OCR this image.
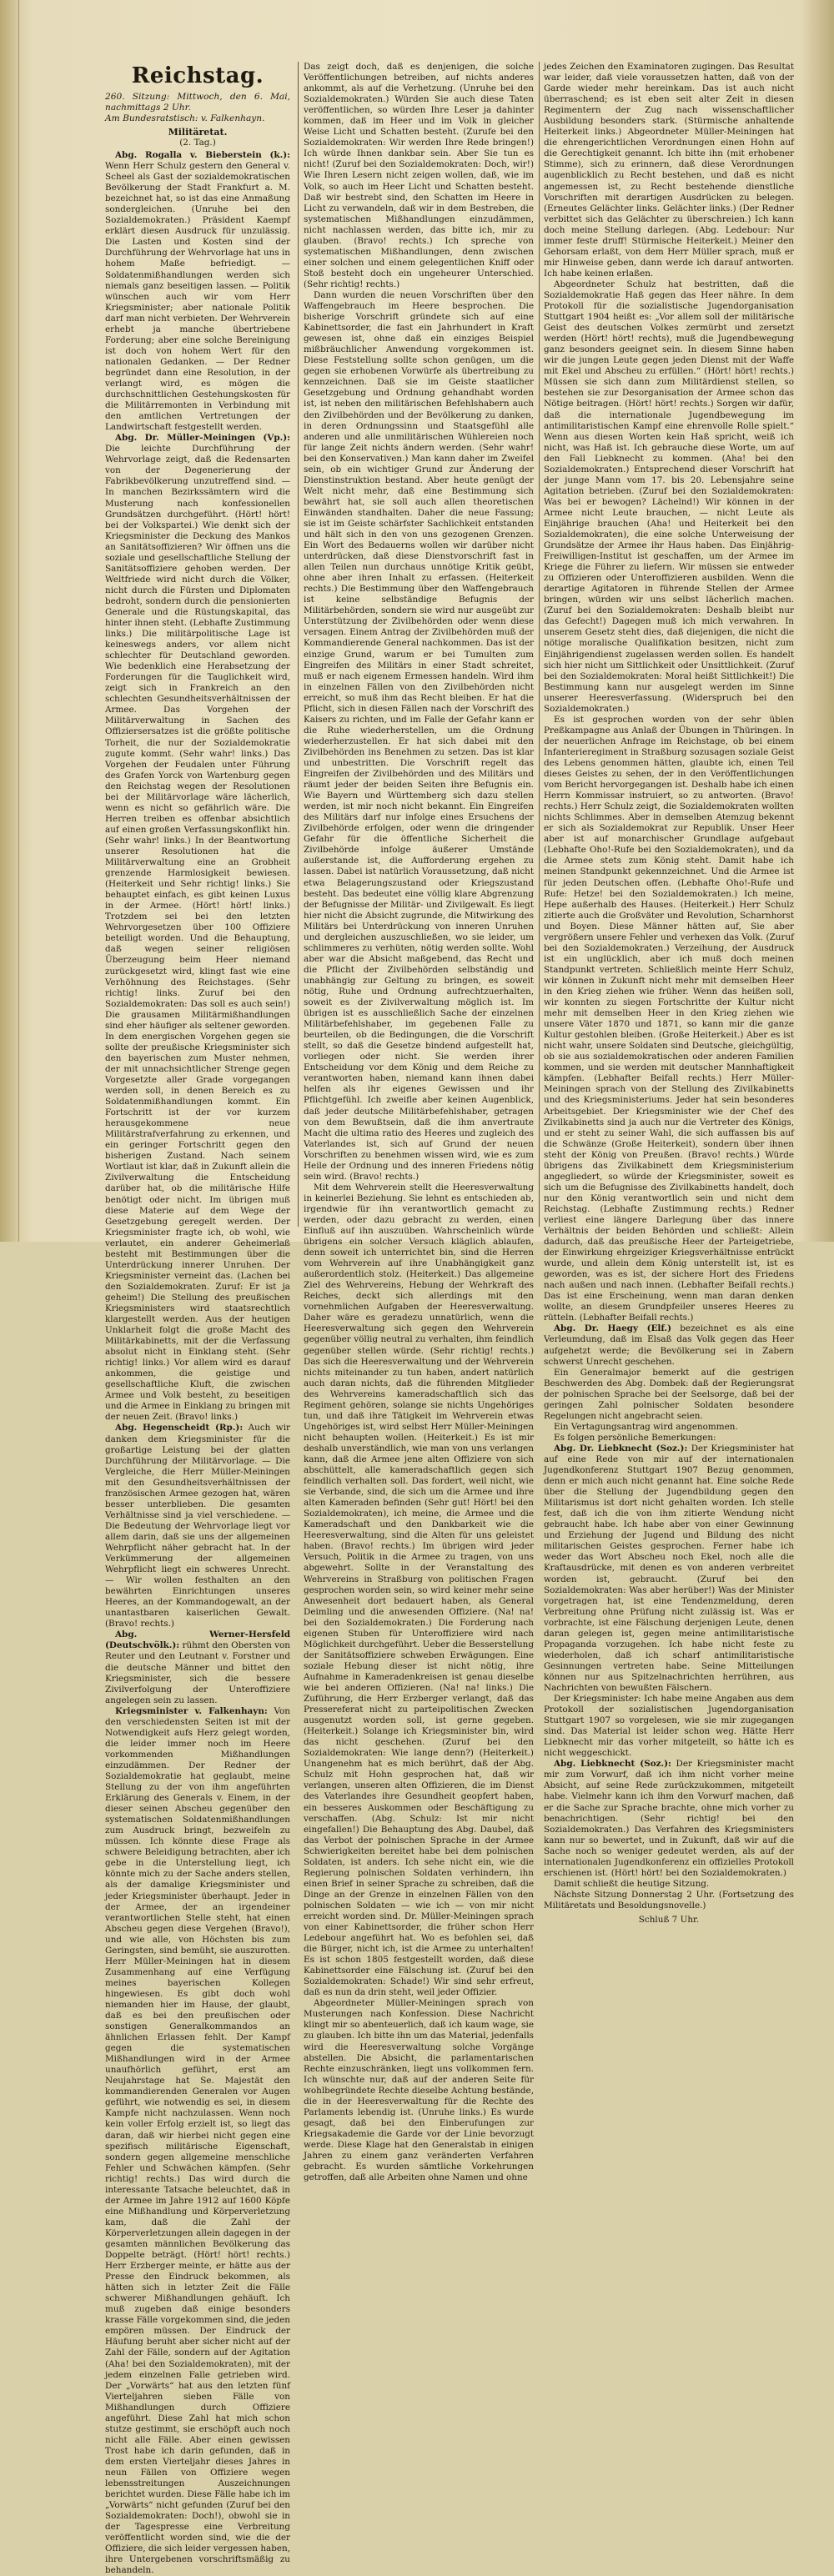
Reichstag.

260. Sitzung: Mittwoch, den 6. Mai, nachmittags 2 Uhr.

Am Bundesratstisch: v. Falkenhayn.

Militäretat.

(2. Tag.)

Abg. Rogalla v. Bieberstein (k.): Wenn Herr Schulz gestern den General v. Scheel als Gast der sozialdemokratischen Bevölkerung der Stadt Frankfurt a. M. bezeichnet hat, so ist das eine Anmaßung sondergleichen. (Unruhe bei den Sozialdemokraten.) Präsident Kaempf erklärt diesen Ausdruck für unzulässig. Die Lasten und Kosten sind der Durchführung der Wehrvorlage hat uns in hohem Maße befriedigt. — Soldatenmißhandlungen werden sich niemals ganz beseitigen lassen. — Politik wünschen auch wir vom Herr Kriegsminister; aber nationale Politik darf man nicht verbieten. Der Wehrverein erhebt ja manche übertriebene Forderung; aber eine solche Bereinigung ist doch von hohem Wert für den nationalen Gedanken. — Der Redner begründet dann eine Resolution, in der verlangt wird, es mögen die durchschnittlichen Gestehungskosten für die Militärremonten in Verbindung mit den amtlichen Vertretungen der Landwirtschaft festgestellt werden.

Abg. Dr. Müller-Meiningen (Vp.): Die leichte Durchführung der Wehrvorlage zeigt, daß die Redensarten von der Degenerierung der Fabrikbevölkerung unzutreffend sind. — In manchen Bezirkssämtern wird die Musterung nach konfessionellen Grundsätzen durchgeführt. (Hört! hört! bei der Volkspartei.) Wie denkt sich der Kriegsminister die Deckung des Mankos an Sanitätsoffizieren? Wir öffnen uns die soziale und gesellschaftliche Stellung der Sanitätsoffiziere gehoben werden. Der Weltfriede wird nicht durch die Völker, nicht durch die Fürsten und Diplomaten bedroht, sondern durch die pensionierten Generale und die Rüstungskapital, das hinter ihnen steht. (Lebhafte Zustimmung links.) Die militärpolitische Lage ist keineswegs anders, vor allem nicht schlechter für Deutschland geworden. Wie bedenklich eine Herabsetzung der Forderungen für die Tauglichkeit wird, zeigt sich in Frankreich an den schlechten Gesundheitsverhältnissen der Armee. Das Vorgehen der Militärverwaltung in Sachen des Offiziersersatzes ist die größte politische Torheit, die nur der Sozialdemokratie zugute kommt. (Sehr wahr! links.) Das Vorgehen der Feudalen unter Führung des Grafen Yorck von Wartenburg gegen den Reichstag wegen der Resolutionen bei der Militärvorlage wäre lächerlich, wenn es nicht so gefährlich wäre. Die Herren treiben es offenbar absichtlich auf einen großen Verfassungskonflikt hin. (Sehr wahr! links.) In der Beantwortung unserer Resolutionen hat die Militärverwaltung eine an Grobheit grenzende Harmlosigkeit bewiesen. (Heiterkeit und Sehr richtig! links.) Sie behauptet einfach, es gibt keinen Luxus in der Armee. (Hört! hört! links.) Trotzdem sei bei den letzten Wehrvorgesetzen über 100 Offiziere beteiligt worden. Und die Behauptung, daß wegen seiner religiösen Überzeugung beim Heer niemand zurückgesetzt wird, klingt fast wie eine Verhöhnung des Reichstages. (Sehr richtig! links. Zuruf bei den Sozialdemokraten: Das soll es auch sein!) Die grausamen Militärmißhandlungen sind eher häufiger als seltener geworden. In dem energischen Vorgehen gegen sie sollte der preußische Kriegsminister sich den bayerischen zum Muster nehmen, der mit unnachsichtlicher Strenge gegen Vorgesetzte aller Grade vorgegangen werden soll, in denen Bereich es zu Soldatenmißhandlungen kommt. Ein Fortschritt ist der vor kurzem herausgekommene neue Militärstrafverfahrung zu erkennen, und ein geringer Fortschritt gegen den bisherigen Zustand. Nach seinem Wortlaut ist klar, daß in Zukunft allein die Zivilverwaltung die Entscheidung darüber hat, ob die militärische Hilfe benötigt oder nicht. Im übrigen muß diese Materie auf dem Wege der Gesetzgebung geregelt werden. Der Kriegsminister fragte ich, ob wohl, wie verlautet, ein anderer Geheimerlaß besteht mit Bestimmungen über die Unterdrückung innerer Unruhen. Der Kriegsminister verneint das. (Lachen bei den Sozialdemokraten. Zuruf: Er ist ja geheim!) Die Stellung des preußischen Kriegsministers wird staatsrechtlich klargestellt werden. Aus der heutigen Unklarheit folgt die große Macht des Militärkabinetts, mit der die Verfassung absolut nicht in Einklang steht. (Sehr richtig! links.) Vor allem wird es darauf ankommen, die geistige und gesellschaftliche Kluft, die zwischen Armee und Volk besteht, zu beseitigen und die Armee in Einklang zu bringen mit der neuen Zeit. (Bravo! links.)

Abg. Hegenscheidt (Rp.): Auch wir danken dem Kriegsminister für die großartige Leistung bei der glatten Durchführung der Militärvorlage. — Die Vergleiche, die Herr Müller-Meiningen mit den Gesundheitsverhältnissen der französischen Armee gezogen hat, wären besser unterblieben. Die gesamten Verhältnisse sind ja viel verschiedene. — Die Bedeutung der Wehrvorlage liegt vor allem darin, daß sie uns der allgemeinen Wehrpflicht näher gebracht hat. In der Verkümmerung der allgemeinen Wehrpflicht liegt ein schweres Unrecht. — Wir wollen festhalten an den bewährten Einrichtungen unseres Heeres, an der Kommandogewalt, an der unantastbaren kaiserlichen Gewalt. (Bravo! rechts.)

Abg. Werner-Hersfeld (Deutschvölk.): rühmt den Obersten von Reuter und den Leutnant v. Forstner und die deutsche Männer und bittet den Kriegsminister, sich die bessere Zivilverfolgung der Unteroffiziere angelegen sein zu lassen.

Kriegsminister v. Falkenhayn: Von den verschiedensten Seiten ist mit der Notwendigkeit aufs Herz gelegt worden, die leider immer noch im Heere vorkommenden Mißhandlungen einzudämmen. Der Redner der Sozialdemokratie hat geglaubt, meine Stellung zu der von ihm angeführten Erklärung des Generals v. Einem, in der dieser seinen Abscheu gegenüber den systematischen Soldatenmißhandlungen zum Ausdruck bringt, bezweifeln zu müssen. Ich könnte diese Frage als schwere Beleidigung betrachten, aber ich gebe in die Unterstellung liegt, ich könnte mich zu der Sache anders stellen, als der damalige Kriegsminister und jeder Kriegsminister überhaupt. Jeder in der Armee, der an irgendeiner verantwortlichen Stelle steht, hat einen Abscheu gegen diese Vergehen (Bravo!), und wie alle, von Höchsten bis zum Geringsten, sind bemüht, sie auszurotten. Herr Müller-Meiningen hat in diesem Zusammenhang auf eine Verfügung meines bayerischen Kollegen hingewiesen. Es gibt doch wohl niemanden hier im Hause, der glaubt, daß es bei den preußischen oder sonstigen Generalkommandos an ähnlichen Erlassen fehlt. Der Kampf gegen die systematischen Mißhandlungen wird in der Armee unaufhörlich geführt, erst am Neujahrstage hat Se. Majestät den kommandierenden Generalen vor Augen geführt, wie notwendig es sei, in diesem Kampfe nicht nachzulassen. Wenn noch kein voller Erfolg erzielt ist, so liegt das daran, daß wir hierbei nicht gegen eine spezifisch militärische Eigenschaft, sondern gegen allgemeine menschliche Fehler und Schwächen kämpfen. (Sehr richtig! rechts.) Das wird durch die interessante Tatsache beleuchtet, daß in der Armee im Jahre 1912 auf 1600 Köpfe eine Mißhandlung und Körperverletzung kam, daß die Zahl der Körperverletzungen allein dagegen in der gesamten männlichen Bevölkerung das Doppelte beträgt. (Hört! hört! rechts.) Herr Erzberger meinte, er hätte aus der Presse den Eindruck bekommen, als hätten sich in letzter Zeit die Fälle schwerer Mißhandlungen gehäuft. Ich muß zugeben daß einige besonders krasse Fälle vorgekommen sind, die jeden empören müssen. Der Eindruck der Häufung beruht aber sicher nicht auf der Zahl der Fälle, sondern auf der Agitation (Aha! bei den Sozialdemokraten), mit der jedem einzelnen Falle getrieben wird. Der „Vorwärts“ hat aus den letzten fünf Vierteljahren sieben Fälle von Mißhandlungen durch Offiziere angeführt. Diese Zahl hat mich schon stutze gestimmt, sie erschöpft auch noch nicht alle Fälle. Aber einen gewissen Trost habe ich darin gefunden, daß in dem ersten Vierteljahr dieses Jahres in neun Fällen von Offiziere wegen lebensstreitungen Auszeichnungen berichtet wurden. Diese Fälle habe ich im „Vorwärts“ nicht gefunden (Zuruf bei den Sozialdemokraten: Doch!), obwohl sie in der Tagespresse eine Verbreitung veröffentlicht worden sind, wie die der Offiziere, die sich leider vergessen haben, ihre Untergebenen vorschriftsmäßig zu behandeln.

Das zeigt doch, daß es denjenigen, die solche Veröffentlichungen betreiben, auf nichts anderes ankommt, als auf die Verhetzung. (Unruhe bei den Sozialdemokraten.) Würden Sie auch diese Taten veröffentlichen, so würden Ihre Leser ja dahinter kommen, daß im Heer und im Volk in gleicher Weise Licht und Schatten besteht. (Zurufe bei den Sozialdemokraten: Wir werden Ihre Rede bringen!) Ich würde Ihnen dankbar sein. Aber Sie tun es nicht! (Zuruf bei den Sozialdemokraten: Doch, wir!) Wie Ihren Lesern nicht zeigen wollen, daß, wie im Volk, so auch im Heer Licht und Schatten besteht. Daß wir bestrebt sind, den Schatten im Heere in Licht zu verwandeln, daß wir in dem Bestreben, die systematischen Mißhandlungen einzudämmen, nicht nachlassen werden, das bitte ich, mir zu glauben. (Bravo! rechts.) Ich spreche von systematischen Mißhandlungen, denn zwischen einer solchen und einem gelegentlichen Kniff oder Stoß besteht doch ein ungeheurer Unterschied. (Sehr richtig! rechts.)

Dann wurden die neuen Vorschriften über den Waffengebrauch im Heere besprochen. Die bisherige Vorschrift gründete sich auf eine Kabinettsorder, die fast ein Jahrhundert in Kraft gewesen ist, ohne daß ein einziges Beispiel mißbräuchlicher Anwendung vorgekommen ist. Diese Feststellung sollte schon genügen, um die gegen sie erhobenen Vorwürfe als übertreibung zu kennzeichnen. Daß sie im Geiste staatlicher Gesetzgebung und Ordnung gehandhabt worden ist, ist neben den militärischen Befehlshabern auch den Zivilbehörden und der Bevölkerung zu danken, in deren Ordnungssinn und Staatsgefühl alle anderen und alle unmilitärischen Wühlereien noch für lange Zeit nichts ändern werden. (Sehr wahr! bei den Konservativen.) Man kann daher im Zweifel sein, ob ein wichtiger Grund zur Änderung der Dienstinstruktion bestand. Aber heute genügt der Welt nicht mehr, daß eine Bestimmung sich bewährt hat, sie soll auch allen theoretischen Einwänden standhalten. Daher die neue Fassung; sie ist im Geiste schärfster Sachlichkeit entstanden und hält sich in den von uns gezogenen Grenzen. Ein Wort des Bedauerns wollen wir darüber nicht unterdrücken, daß diese Dienstvorschrift fast in allen Teilen nun durchaus unnötige Kritik geübt, ohne aber ihren Inhalt zu erfassen. (Heiterkeit rechts.) Die Bestimmung über den Waffengebrauch ist keine selbständige Befugnis der Militärbehörden, sondern sie wird nur ausgeübt zur Unterstützung der Zivilbehörden oder wenn diese versagen. Einem Antrag der Zivilbehörden muß der Kommandierende General nachkommen. Das ist der einzige Grund, warum er bei Tumulten zum Eingreifen des Militärs in einer Stadt schreitet, muß er nach eigenem Ermessen handeln. Wird ihm in einzelnen Fällen von den Zivilbehörden nicht erreicht, so muß ihm das Recht bleiben. Er hat die Pflicht, sich in diesen Fällen nach der Vorschrift des Kaisers zu richten, und im Falle der Gefahr kann er die Ruhe wiederherstellen, um die Ordnung wiederherzustellen. Er hat sich dabei mit den Zivilbehörden ins Benehmen zu setzen. Das ist klar und unbestritten. Die Vorschrift regelt das Eingreifen der Zivilbehörden und des Militärs und räumt jeder der beiden Seiten ihre Befugnis ein. Wie Bayern und Württemberg sich dazu stellen werden, ist mir noch nicht bekannt. Ein Eingreifen des Militärs darf nur infolge eines Ersuchens der Zivilbehörde erfolgen, oder wenn die dringender Gefahr für die öffentliche Sicherheit die Zivilbehörde infolge äußerer Umstände außerstande ist, die Aufforderung ergehen zu lassen. Dabei ist natürlich Voraussetzung, daß nicht etwa Belagerungszustand oder Kriegszustand besteht. Das bedeutet eine völlig klare Abgrenzung der Befugnisse der Militär- und Zivilgewalt. Es liegt hier nicht die Absicht zugrunde, die Mitwirkung des Militärs bei Unterdrückung von inneren Unruhen und dergleichen auszuschließen, wo sie leider, um schlimmeres zu verhüten, nötig werden sollte. Wohl aber war die Absicht maßgebend, das Recht und die Pflicht der Zivilbehörden selbständig und unabhängig zur Geltung zu bringen, es soweit nötig, Ruhe und Ordnung aufrechtzuerhalten, soweit es der Zivilverwaltung möglich ist. Im übrigen ist es ausschließlich Sache der einzelnen Militärbefehlshaber, im gegebenen Falle zu beurteilen, ob die Bedingungen, die die Vorschrift stellt, so daß die Gesetze bindend aufgestellt hat, vorliegen oder nicht. Sie werden ihrer Entscheidung vor dem König und dem Reiche zu verantworten haben, niemand kann ihnen dabei helfen als ihr eigenes Gewissen und ihr Pflichtgefühl. Ich zweifle aber keinen Augenblick, daß jeder deutsche Militärbefehlshaber, getragen von dem Bewußtsein, daß die ihm anvertraute Macht die ultima ratio des Heeres und zugleich des Vaterlandes ist, sich auf Grund der neuen Vorschriften zu benehmen wissen wird, wie es zum Heile der Ordnung und des inneren Friedens nötig sein wird. (Bravo! rechts.)

Mit dem Wehrverein stellt die Heeresverwaltung in keinerlei Beziehung. Sie lehnt es entschieden ab, irgendwie für ihn verantwortlich gemacht zu werden, oder dazu gebracht zu werden, einen Einfluß auf ihn auszuüben. Wahrscheinlich würde übrigens ein solcher Versuch kläglich ablaufen, denn soweit ich unterrichtet bin, sind die Herren vom Wehrverein auf ihre Unabhängigkeit ganz außerordentlich stolz. (Heiterkeit.) Das allgemeine Ziel des Wehrvereins, Hebung der Wehrkraft des Reiches, deckt sich allerdings mit den vornehmlichen Aufgaben der Heeresverwaltung. Daher wäre es geradezu unnatürlich, wenn die Heeresverwaltung sich gegen den Wehrverein gegenüber völlig neutral zu verhalten, ihm feindlich gegenüber stellen würde. (Sehr richtig! rechts.) Das sich die Heeresverwaltung und der Wehrverein nichts miteinander zu tun haben, andert natürlich auch daran nichts, daß die führenden Mitglieder des Wehrvereins kameradschaftlich sich das Regiment gehören, solange sie nichts Ungehöriges tun, und daß ihre Tätigkeit im Wehrverein etwas Ungehöriges ist, wird selbst Herr Müller-Meiningen nicht behaupten wollen. (Heiterkeit.) Es ist mir deshalb unverständlich, wie man von uns verlangen kann, daß die Armee jene alten Offiziere von sich abschüttelt, alle kameradschaftlich gegen sich feindlich verhalten soll. Das fordert, weil nicht, wie sie Verbande, sind, die sich um die Armee und ihre alten Kameraden befinden (Sehr gut! Hört! bei den Sozialdemokraten), ich meine, die Armee und die Kameradschaft und den Dankbarkeit wie die Heeresverwaltung, sind die Alten für uns geleistet haben. (Bravo! rechts.) Im übrigen wird jeder Versuch, Politik in die Armee zu tragen, von uns abgewehrt. Sollte in der Veranstaltung des Wehrvereins in Straßburg von politischen Fragen gesprochen worden sein, so wird keiner mehr seine Anwesenheit dort bedauert haben, als General Deimling und die anwesenden Offiziere. (Na! na! bei den Sozialdemokraten.) Die Forderung nach eigenen Stuben für Unteroffiziere wird nach Möglichkeit durchgeführt. Ueber die Besserstellung der Sanitätsoffiziere schweben Erwägungen. Eine soziale Hebung dieser ist nicht nötig, ihre Aufnahme in Kameradenkreisen ist genau dieselbe wie bei anderen Offizieren. (Na! na! links.) Die Zuführung, die Herr Erzberger verlangt, daß das Pressereferat nicht zu parteipolitischen Zwecken ausgenutzt worden soll, ist gerne gegeben. (Heiterkeit.) Solange ich Kriegsminister bin, wird das nicht geschehen. (Zuruf bei den Sozialdemokraten: Wie lange denn?) (Heiterkeit.) Unangenehm hat es mich berührt, daß der Abg. Schulz mit Hohn gesprochen hat, daß wir verlangen, unseren alten Offizieren, die im Dienst des Vaterlandes ihre Gesundheit geopfert haben, ein besseres Auskommen oder Beschäftigung zu verschaffen. (Abg. Schulz: Ist mir nicht eingefallen!) Die Behauptung des Abg. Daubel, daß das Verbot der polnischen Sprache in der Armee Schwierigkeiten bereitet habe bei dem polnischen Soldaten, ist anders. Ich sehe nicht ein, wie die Regierung polnischen Soldaten verhindern, ihn einen Brief in seiner Sprache zu schreiben, daß die Dinge an der Grenze in einzelnen Fällen von den polnischen Soldaten — wie ich — von mir nicht erreicht worden sind. Dr. Müller-Meiningen sprach von einer Kabinettsorder, die früher schon Herr Ledebour angeführt hat. Wo es befohlen sei, daß die Bürger, nicht ich, ist die Armee zu unterhalten! Es ist schon 1805 festgestellt worden, daß diese Kabinettsorder eine Fälschung ist. (Zuruf bei den Sozialdemokraten: Schade!) Wir sind sehr erfreut, daß es nun da drin steht, weil jeder Offizier.

Abgeordneter Müller-Meiningen sprach von Musterungen nach Konfession. Diese Nachricht klingt mir so abenteuerlich, daß ich kaum wage, sie zu glauben. Ich bitte ihn um das Material, jedenfalls wird die Heeresverwaltung solche Vorgänge abstellen. Die Absicht, die parlamentarischen Rechte einzuschränken, liegt uns vollkommen fern. Ich wünschte nur, daß auf der anderen Seite für wohlbegründete Rechte dieselbe Achtung bestände, die in der Heeresverwaltung für die Rechte des Parlaments lebendig ist. (Unruhe links.) Es wurde gesagt, daß bei den Einberufungen zur Kriegsakademie die Garde vor der Linie bevorzugt werde. Diese Klage hat den Generalstab in einigen Jahren zu einem ganz veränderten Verfahren gebracht. Es wurden sämtliche Vorkehrungen getroffen, daß alle Arbeiten ohne Namen und ohne

jedes Zeichen den Examinatoren zugingen. Das Resultat war leider, daß viele voraussetzen hatten, daß von der Garde wieder mehr hereinkam. Das ist auch nicht überraschend; es ist eben seit alter Zeit in diesen Regimentern der Zug nach wissenschaftlicher Ausbildung besonders stark. (Stürmische anhaltende Heiterkeit links.) Abgeordneter Müller-Meiningen hat die ehrengerichtlichen Verordnungen einen Hohn auf die Gerechtigkeit genannt. Ich bitte ihn (mit erhobener Stimme), sich zu erinnern, daß diese Verordnungen augenblicklich zu Recht bestehen, und daß es nicht angemessen ist, zu Recht bestehende dienstliche Vorschriften mit derartigen Ausdrücken zu belegen. (Erneutes Gelächter links. Gelächter links.) (Der Redner verbittet sich das Gelächter zu überschreien.) Ich kann doch meine Stellung darlegen. (Abg. Ledebour: Nur immer feste druff! Stürmische Heiterkeit.) Meiner den Gehorsam erlaßt, von dem Herr Müller sprach, muß er mir Hinweise geben, dann werde ich darauf antworten. Ich habe keinen erlaßen.

Abgeordneter Schulz hat bestritten, daß die Sozialdemokratie Haß gegen das Heer nähre. In dem Protokoll für die sozialistische Jugendorganisation Stuttgart 1904 heißt es: „Vor allem soll der militärische Geist des deutschen Volkes zermürbt und zersetzt werden (Hört! hört! rechts), muß die Jugendbewegung ganz besonders geeignet sein. In diesem Sinne haben wir die jungen Leute gegen jeden Dienst mit der Waffe mit Ekel und Abscheu zu erfüllen.“ (Hört! hört! rechts.) Müssen sie sich dann zum Militärdienst stellen, so bestehen sie zur Desorganisation der Armee schon das Nötige beitragen. (Hört! hört! rechts.) Sorgen wir dafür, daß die internationale Jugendbewegung im antimilitaristischen Kampf eine ehrenvolle Rolle spielt.“ Wenn aus diesen Worten kein Haß spricht, weiß ich nicht, was Haß ist. Ich gebrauche diese Worte, um auf den Fall Liebknecht zu kommen. (Aha! bei den Sozialdemokraten.) Entsprechend dieser Vorschrift hat der junge Mann vom 17. bis 20. Lebensjahre seine Agitation betrieben. (Zuruf bei den Sozialdemokraten: Was bei er bewogen? Lächelnd!) Wir können in der Armee nicht Leute brauchen, — nicht Leute als Einjährige brauchen (Aha! und Heiterkeit bei den Sozialdemokraten), die eine solche Unterweisung der Grundsätze der Armee ihr Haus haben. Das Einjährig-Freiwilligen-Institut ist geschaffen, um der Armee im Kriege die Führer zu liefern. Wir müssen sie entweder zu Offizieren oder Unteroffizieren ausbilden. Wenn die derartige Agitatoren in führende Stellen der Armee bringen, würden wir uns selbst lächerlich machen. (Zuruf bei den Sozialdemokraten: Deshalb bleibt nur das Gefecht!) Dagegen muß ich mich verwahren. In unserem Gesetz steht dies, daß diejenigen, die nicht die nötige moralische Qualifikation besitzen, nicht zum Einjährigendienst zugelassen werden sollen. Es handelt sich hier nicht um Sittlichkeit oder Unsittlichkeit. (Zuruf bei den Sozialdemokraten: Moral heißt Sittlichkeit!) Die Bestimmung kann nur ausgelegt werden im Sinne unserer Heeresverfassung. (Widerspruch bei den Sozialdemokraten.)

Es ist gesprochen worden von der sehr üblen Preßkampagne aus Anlaß der Übungen in Thüringen. In der neuerlichen Anfrage im Reichstage, ob bei einem Infanterieregiment in Straßburg sozusagen soziale Geist des Lebens genommen hätten, glaubte ich, einen Teil dieses Geistes zu sehen, der in den Veröffentlichungen vom Bericht hervorgegangen ist. Deshalb habe ich einen Herrn Kommissar instruiert, so zu antworten. (Bravo! rechts.) Herr Schulz zeigt, die Sozialdemokraten wollten nichts Schlimmes. Aber in demselben Atemzug bekennt er sich als Sozialdemokrat zur Republik. Unser Heer aber ist auf monarchischer Grundlage aufgebaut (Lebhafte Oho!-Rufe bei den Sozialdemokraten), und da die Armee stets zum König steht. Damit habe ich meinen Standpunkt gekennzeichnet. Und die Armee ist für jeden Deutschen offen. (Lebhafte Oho!-Rufe und Rufe: Hetze! bei den Sozialdemokraten.) Ich meine, Hepe außerhalb des Hauses. (Heiterkeit.) Herr Schulz zitierte auch die Großväter und Revolution, Scharnhorst und Boyen. Diese Männer hätten auf, Sie aber vergrößern unsere Fehler und verhexen das Volk. (Zuruf bei den Sozialdemokraten.) Verzeihung, der Ausdruck ist ein unglücklich, aber ich muß doch meinen Standpunkt vertreten. Schließlich meinte Herr Schulz, wir können in Zukunft nicht mehr mit demselben Heer in den Krieg ziehen wie früher. Wenn das heißen soll, wir konnten zu siegen Fortschritte der Kultur nicht mehr mit demselben Heer in den Krieg ziehen wie unsere Väter 1870 und 1871, so kann mir die ganze Kultur gestohlen bleiben. (Große Heiterkeit.) Aber es ist nicht wahr, unsere Soldaten sind Deutsche, gleichgültig, ob sie aus sozialdemokratischen oder anderen Familien kommen, und sie werden mit deutscher Mannhaftigkeit kämpfen. (Lebhafter Beifall rechts.) Herr Müller-Meiningen sprach von der Stellung des Zivilkabinetts und des Kriegsministeriums. Jeder hat sein besonderes Arbeitsgebiet. Der Kriegsminister wie der Chef des Zivilkabinetts sind ja auch nur die Vertreter des Königs, und er steht zu seiner Wahl, die sich auffassen bis auf die Schwänze (Große Heiterkeit), sondern über ihnen steht der König von Preußen. (Bravo! rechts.) Würde übrigens das Zivilkabinett dem Kriegsministerium angegliedert, so würde der Kriegsminister, soweit es sich um die Befugnisse des Zivilkabinetts handelt, doch nur den König verantwortlich sein und nicht dem Reichstag. (Lebhafte Zustimmung rechts.) Redner verliest eine längere Darlegung über das innere Verhältnis der beiden Behörden und schließt: Allein dadurch, daß das preußische Heer der Parteigetriebe, der Einwirkung ehrgeiziger Kriegsverhältnisse entrückt wurde, und allein dem König unterstellt ist, ist es geworden, was es ist, der sichere Hort des Friedens nach außen und nach innen. (Lebhafter Beifall rechts.) Das ist eine Erscheinung, wenn man daran denken wollte, an diesem Grundpfeiler unseres Heeres zu rütteln. (Lebhafter Beifall rechts.)

Abg. Dr. Haegy (Elf.) bezeichnet es als eine Verleumdung, daß im Elsaß das Volk gegen das Heer aufgehetzt werde; die Bevölkerung sei in Zabern schwerst Unrecht geschehen.

Ein Generalmajor bemerkt auf die gestrigen Beschwerden des Abg. Dombek: daß der Regierungsrat der polnischen Sprache bei der Seelsorge, daß bei der geringen Zahl polnischer Soldaten besondere Regelungen nicht angebracht seien.

Ein Vertagungsantrag wird angenommen.

Es folgen persönliche Bemerkungen:

Abg. Dr. Liebknecht (Soz.): Der Kriegsminister hat auf eine Rede von mir auf der internationalen Jugendkonferenz Stuttgart 1907 Bezug genommen, denn er mich auch nicht genannt hat. Eine solche Rede über die Stellung der Jugendbildung gegen den Militarismus ist dort nicht gehalten worden. Ich stelle fest, daß ich die von ihm zitierte Wendung nicht gebraucht habe. Ich habe aber von einer Gewinnung und Erziehung der Jugend und Bildung des nicht militarischen Geistes gesprochen. Ferner habe ich weder das Wort Abscheu noch Ekel, noch alle die Kraftausdrücke, mit denen es von anderen verbreitet worden ist, gebraucht. (Zuruf bei den Sozialdemokraten: Was aber herüber!) Was der Minister vorgetragen hat, ist eine Tendenzmeldung, deren Verbreitung ohne Prüfung nicht zulässig ist. Was er vorbrachte, ist eine Fälschung derjenigen Leute, denen daran gelegen ist, gegen meine antimilitaristische Propaganda vorzugehen. Ich habe nicht feste zu wiederholen, daß ich scharf antimilitaristische Gesinnungen vertreten habe. Seine Mitteilungen können nur aus Spitzelnachrichten herrühren, aus Nachrichten von bewußten Fälschern.

Der Kriegsminister: Ich habe meine Angaben aus dem Protokoll der sozialistischen Jugendorganisation Stuttgart 1907 so vorgelesen, wie sie mir zugegangen sind. Das Material ist leider schon weg. Hätte Herr Liebknecht mir das vorher mitgeteilt, so hätte ich es nicht weggeschickt.

Abg. Liebknecht (Soz.): Der Kriegsminister macht mir zum Vorwurf, daß ich ihm nicht vorher meine Absicht, auf seine Rede zurückzukommen, mitgeteilt habe. Vielmehr kann ich ihm den Vorwurf machen, daß er die Sache zur Sprache brachte, ohne mich vorher zu benachrichtigen. (Sehr richtig! bei den Sozialdemokraten.) Das Verfahren des Kriegsministers kann nur so bewertet, und in Zukunft, daß wir auf die Sache noch so weniger gedeutet werden, als auf der internationalen Jugendkonferenz ein offizielles Protokoll erschienen ist. (Hört! hört! bei den Sozialdemokraten.)

Damit schließt die heutige Sitzung.

Nächste Sitzung Donnerstag 2 Uhr. (Fortsetzung des Militäretats und Besoldungsnovelle.)

Schluß 7 Uhr.
